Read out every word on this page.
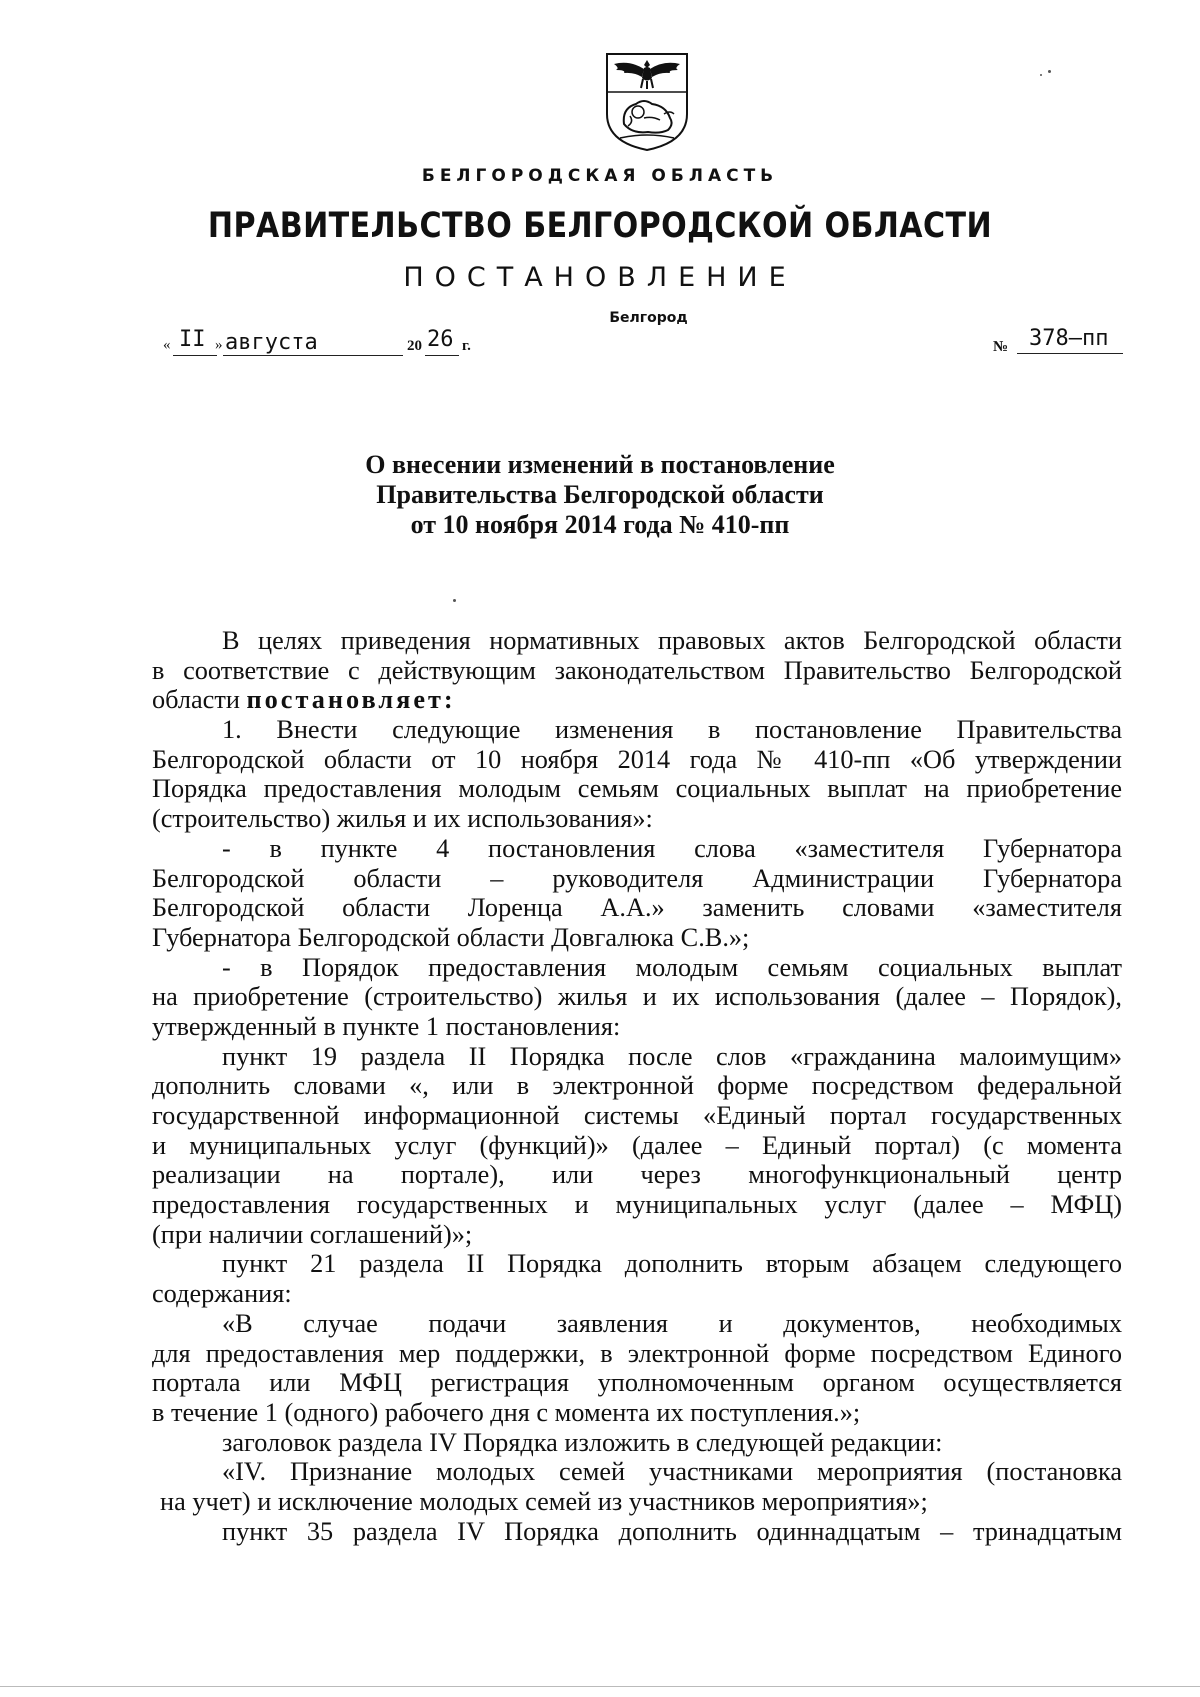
БЕЛГОРОДСКАЯ ОБЛАСТЬ
ПРАВИТЕЛЬСТВО БЕЛГОРОДСКОЙ ОБЛАСТИ
ПОСТАНОВЛЕНИЕ
Белгород
« II » августа	20 26 г.	№ 378–пп
О внесении изменений в постановление
Правительства Белгородской области
от 10 ноября 2014 года № 410-пп
В целях приведения нормативных правовых актов Белгородской области
в соответствие с действующим законодательством Правительство Белгородской
области постановляет:
1. Внести следующие изменения в постановление Правительства
Белгородской области от 10 ноября 2014 года № 410-пп «Об утверждении
Порядка предоставления молодым семьям социальных выплат на приобретение
(строительство) жилья и их использования»:
- в пункте 4 постановления слова «заместителя Губернатора
Белгородской области – руководителя Администрации Губернатора
Белгородской области Лоренца А.А.» заменить словами «заместителя
Губернатора Белгородской области Довгалюка С.В.»;
- в Порядок предоставления молодым семьям социальных выплат
на приобретение (строительство) жилья и их использования (далее – Порядок),
утвержденный в пункте 1 постановления:
пункт 19 раздела II Порядка после слов «гражданина малоимущим»
дополнить словами «, или в электронной форме посредством федеральной
государственной информационной системы «Единый портал государственных
и муниципальных услуг (функций)» (далее – Единый портал) (с момента
реализации на портале), или через многофункциональный центр
предоставления государственных и муниципальных услуг (далее – МФЦ)
(при наличии соглашений)»;
пункт 21 раздела II Порядка дополнить вторым абзацем следующего
содержания:
«В случае подачи заявления и документов, необходимых
для предоставления мер поддержки, в электронной форме посредством Единого
портала или МФЦ регистрация уполномоченным органом осуществляется
в течение 1 (одного) рабочего дня с момента их поступления.»;
заголовок раздела IV Порядка изложить в следующей редакции:
«IV. Признание молодых семей участниками мероприятия (постановка
на учет) и исключение молодых семей из участников мероприятия»;
пункт 35 раздела IV Порядка дополнить одиннадцатым – тринадцатым
